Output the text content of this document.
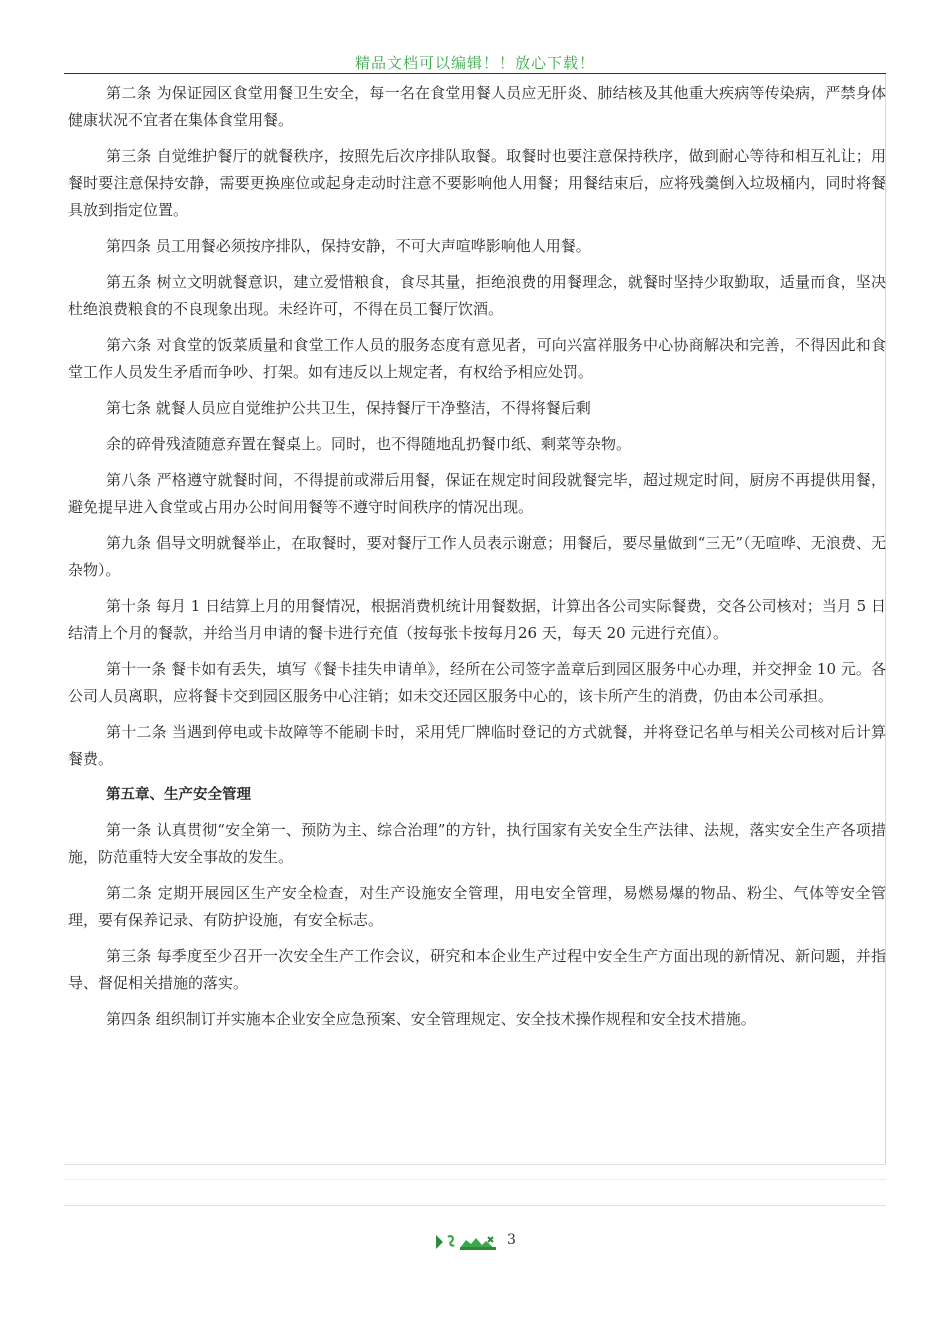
精品文档可以编辑！！放心下载！

第二条 为保证园区食堂用餐卫生安全，每一名在食堂用餐人员应无肝炎、肺结核及其他重大疾病等传染病，严禁身体健康状况不宜者在集体食堂用餐。

第三条 自觉维护餐厅的就餐秩序，按照先后次序排队取餐。取餐时也要注意保持秩序，做到耐心等待和相互礼让；用餐时要注意保持安静，需要更换座位或起身走动时注意不要影响他人用餐；用餐结束后，应将残羹倒入垃圾桶内，同时将餐具放到指定位置。

第四条 员工用餐必须按序排队，保持安静，不可大声喧哗影响他人用餐。

第五条 树立文明就餐意识，建立爱惜粮食，食尽其量，拒绝浪费的用餐理念，就餐时坚持少取勤取，适量而食，坚决杜绝浪费粮食的不良现象出现。未经许可，不得在员工餐厅饮酒。

第六条 对食堂的饭菜质量和食堂工作人员的服务态度有意见者，可向兴富祥服务中心协商解决和完善，不得因此和食堂工作人员发生矛盾而争吵、打架。如有违反以上规定者，有权给予相应处罚。

第七条 就餐人员应自觉维护公共卫生，保持餐厅干净整洁，不得将餐后剩

余的碎骨残渣随意弃置在餐桌上。同时，也不得随地乱扔餐巾纸、剩菜等杂物。

第八条 严格遵守就餐时间，不得提前或滞后用餐，保证在规定时间段就餐完毕，超过规定时间，厨房不再提供用餐，避免提早进入食堂或占用办公时间用餐等不遵守时间秩序的情况出现。

第九条 倡导文明就餐举止，在取餐时，要对餐厅工作人员表示谢意；用餐后，要尽量做到“三无”（无喧哗、无浪费、无杂物）。

第十条 每月 1 日结算上月的用餐情况，根据消费机统计用餐数据，计算出各公司实际餐费，交各公司核对；当月 5 日结清上个月的餐款，并给当月申请的餐卡进行充值（按每张卡按每月26 天，每天 20 元进行充值）。

第十一条 餐卡如有丢失，填写《餐卡挂失申请单》，经所在公司签字盖章后到园区服务中心办理，并交押金 10 元。各公司人员离职，应将餐卡交到园区服务中心注销；如未交还园区服务中心的，该卡所产生的消费，仍由本公司承担。

第十二条 当遇到停电或卡故障等不能刷卡时，采用凭厂牌临时登记的方式就餐，并将登记名单与相关公司核对后计算餐费。

第五章、生产安全管理

第一条 认真贯彻“安全第一、预防为主、综合治理”的方针，执行国家有关安全生产法律、法规，落实安全生产各项措施，防范重特大安全事故的发生。

第二条 定期开展园区生产安全检查，对生产设施安全管理，用电安全管理，易燃易爆的物品、粉尘、气体等安全管理，要有保养记录、有防护设施，有安全标志。

第三条 每季度至少召开一次安全生产工作会议，研究和本企业生产过程中安全生产方面出现的新情况、新问题，并指导、督促相关措施的落实。

第四条 组织制订并实施本企业安全应急预案、安全管理规定、安全技术操作规程和安全技术措施。

3
